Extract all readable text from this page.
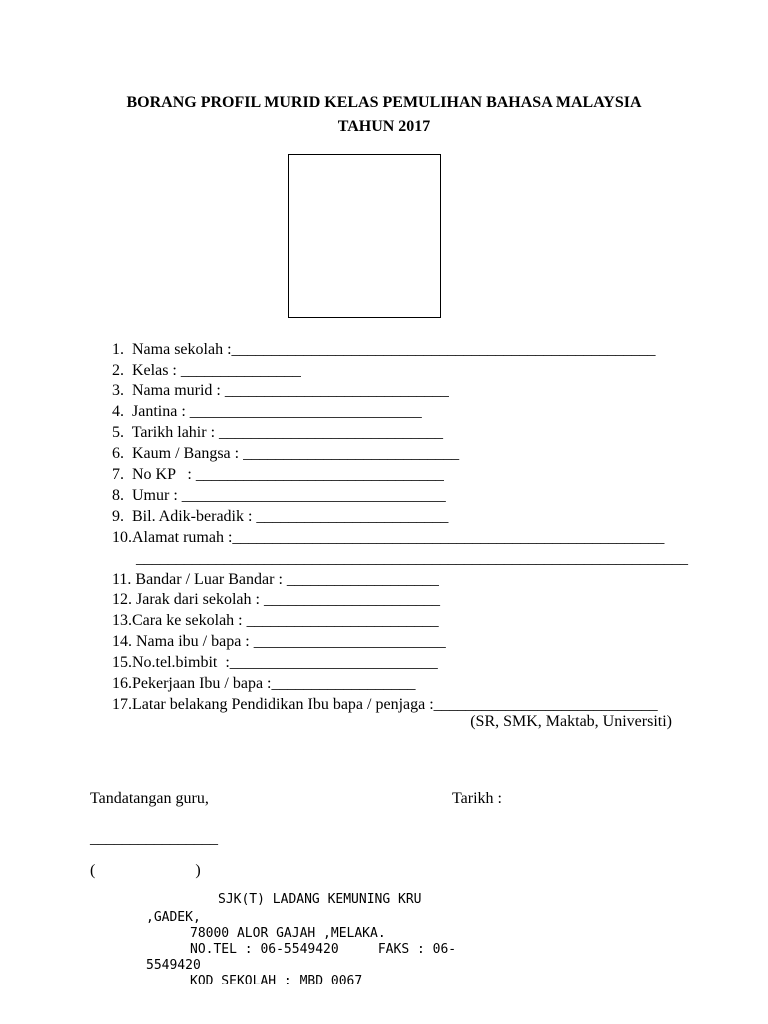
BORANG PROFIL MURID KELAS PEMULIHAN BAHASA MALAYSIA
TAHUN 2017
1.  Nama sekolah :_____________________________________________________
2.  Kelas : _______________
3.  Nama murid : ____________________________
4.  Jantina : _____________________________
5.  Tarikh lahir : ____________________________
6.  Kaum / Bangsa : ___________________________
7.  No KP   : _______________________________
8.  Umur : _________________________________
9.  Bil. Adik-beradik : ________________________
10.Alamat rumah :______________________________________________________
_____________________________________________________________________
11. Bandar / Luar Bandar : ___________________
12. Jarak dari sekolah : ______________________
13.Cara ke sekolah : ________________________
14. Nama ibu / bapa : ________________________
15.No.tel.bimbit  :__________________________
16.Pekerjaan Ibu / bapa :__________________
17.Latar belakang Pendidikan Ibu bapa / penjaga :____________________________
(SR, SMK, Maktab, Universiti)
Tandatangan guru,	Tarikh :
________________
(                         )
SJK(T) LADANG KEMUNING KRU
,GADEK,
78000 ALOR GAJAH ,MELAKA.
NO.TEL : 06-5549420     FAKS : 06-
5549420
KOD SEKOLAH : MBD 0067
